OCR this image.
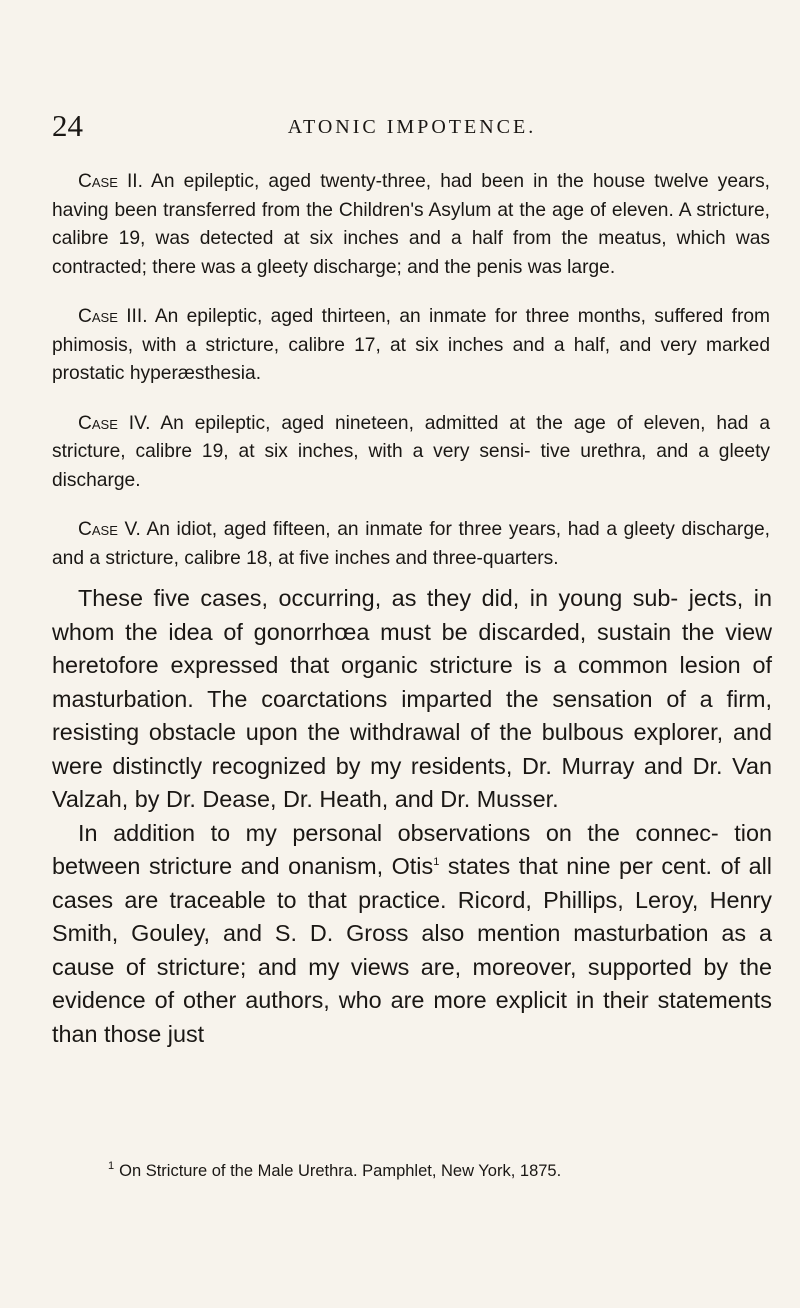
24	ATONIC IMPOTENCE.

Case II. An epileptic, aged twenty-three, had been in the house twelve years, having been transferred from the Children's Asylum at the age of eleven. A stricture, calibre 19, was detected at six inches and a half from the meatus, which was contracted; there was a gleety discharge; and the penis was large.

Case III. An epileptic, aged thirteen, an inmate for three months, suffered from phimosis, with a stricture, calibre 17, at six inches and a half, and very marked prostatic hyperæsthesia.

Case IV. An epileptic, aged nineteen, admitted at the age of eleven, had a stricture, calibre 19, at six inches, with a very sensi- tive urethra, and a gleety discharge.

Case V. An idiot, aged fifteen, an inmate for three years, had a gleety discharge, and a stricture, calibre 18, at five inches and three-quarters.

These five cases, occurring, as they did, in young sub- jects, in whom the idea of gonorrhœa must be discarded, sustain the view heretofore expressed that organic stricture is a common lesion of masturbation. The coarctations imparted the sensation of a firm, resisting obstacle upon the withdrawal of the bulbous explorer, and were distinctly recognized by my residents, Dr. Murray and Dr. Van Valzah, by Dr. Dease, Dr. Heath, and Dr. Musser.

In addition to my personal observations on the connec- tion between stricture and onanism, Otis$^1$ states that nine per cent. of all cases are traceable to that practice. Ricord, Phillips, Leroy, Henry Smith, Gouley, and S. D. Gross also mention masturbation as a cause of stricture; and my views are, moreover, supported by the evidence of other authors, who are more explicit in their statements than those just

$^1$ On Stricture of the Male Urethra. Pamphlet, New York, 1875.
